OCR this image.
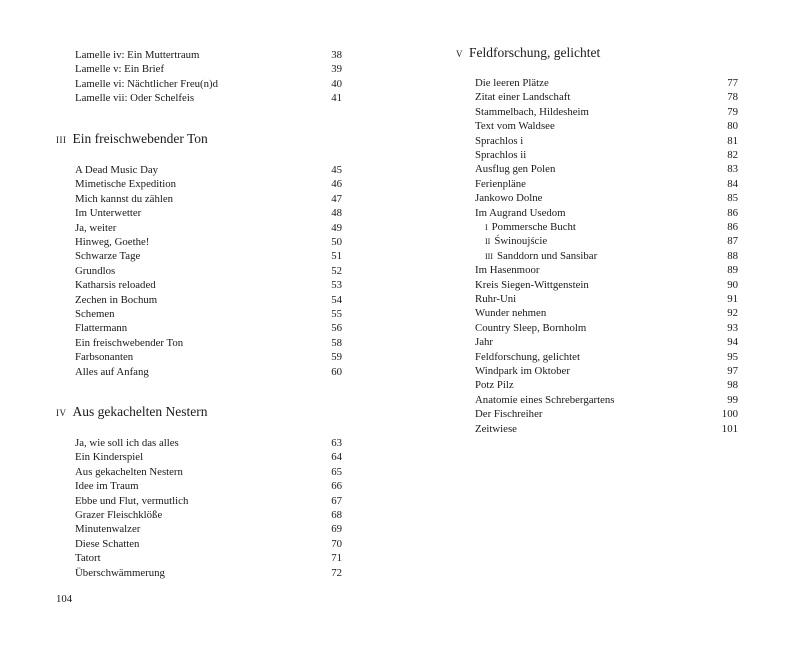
Lamelle iv: Ein Muttertraum	38
Lamelle v: Ein Brief	39
Lamelle vi: Nächtlicher Freu(n)d	40
Lamelle vii: Oder Schelfeis	41
iii Ein freischwebender Ton
A Dead Music Day	45
Mimetische Expedition	46
Mich kannst du zählen	47
Im Unterwetter	48
Ja, weiter	49
Hinweg, Goethe!	50
Schwarze Tage	51
Grundlos	52
Katharsis reloaded	53
Zechen in Bochum	54
Schemen	55
Flattermann	56
Ein freischwebender Ton	58
Farbsonanten	59
Alles auf Anfang	60
iv Aus gekachelten Nestern
Ja, wie soll ich das alles	63
Ein Kinderspiel	64
Aus gekachelten Nestern	65
Idee im Traum	66
Ebbe und Flut, vermutlich	67
Grazer Fleischklöße	68
Minutenwalzer	69
Diese Schatten	70
Tatort	71
Überschwämmerung	72
v Feldforschung, gelichtet
Die leeren Plätze	77
Zitat einer Landschaft	78
Stammelbach, Hildesheim	79
Text vom Waldsee	80
Sprachlos i	81
Sprachlos ii	82
Ausflug gen Polen	83
Ferienpläne	84
Jankowo Dolne	85
Im Augrand Usedom	86
i Pommersche Bucht	86
ii Świnoujście	87
iii Sanddorn und Sansibar	88
Im Hasenmoor	89
Kreis Siegen-Wittgenstein	90
Ruhr-Uni	91
Wunder nehmen	92
Country Sleep, Bornholm	93
Jahr	94
Feldforschung, gelichtet	95
Windpark im Oktober	97
Potz Pilz	98
Anatomie eines Schrebergartens	99
Der Fischreiher	100
Zeitwiese	101
104
